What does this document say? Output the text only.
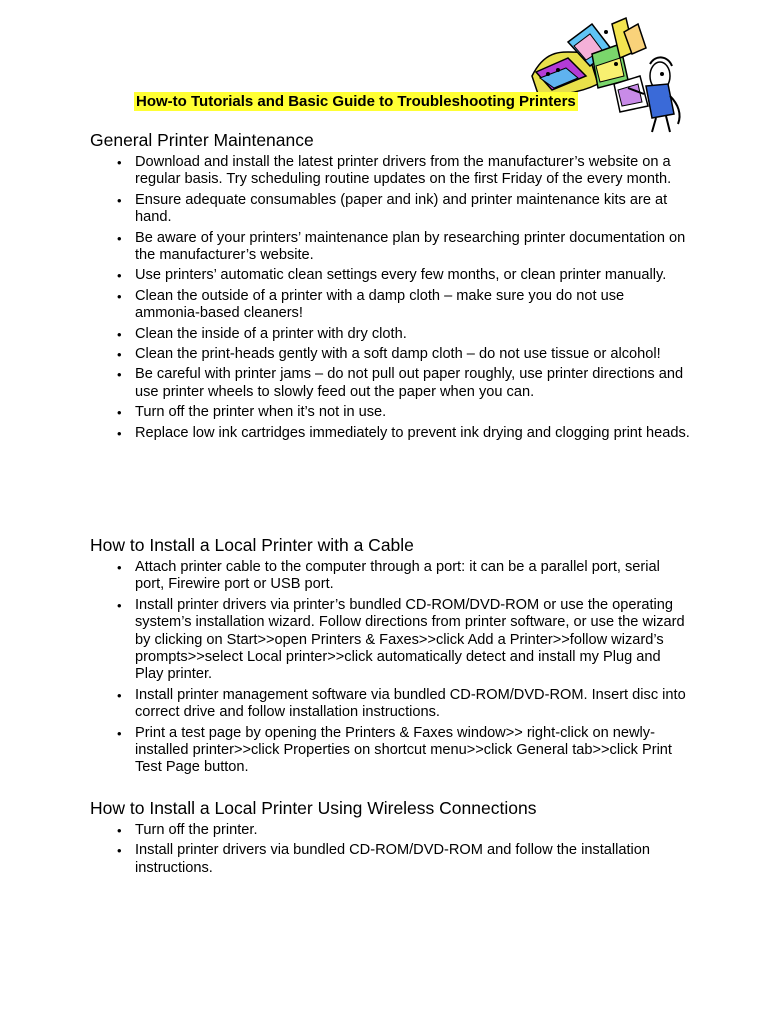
How-to Tutorials and Basic Guide to Troubleshooting Printers
General Printer Maintenance
• Download and install the latest printer drivers from the manufacturer’s website on a regular basis. Try scheduling routine updates on the first Friday of the every month.
• Ensure adequate consumables (paper and ink) and printer maintenance kits are at hand.
• Be aware of your printers’ maintenance plan by researching printer documentation on the manufacturer’s website.
• Use printers’ automatic clean settings every few months, or clean printer manually.
• Clean the outside of a printer with a damp cloth – make sure you do not use ammonia-based cleaners!
• Clean the inside of a printer with dry cloth.
• Clean the print-heads gently with a soft damp cloth – do not use tissue or alcohol!
• Be careful with printer jams – do not pull out paper roughly, use printer directions and use printer wheels to slowly feed out the paper when you can.
• Turn off the printer when it’s not in use.
• Replace low ink cartridges immediately to prevent ink drying and clogging print heads.
How to Install a Local Printer with a Cable
• Attach printer cable to the computer through a port: it can be a parallel port, serial port, Firewire port or USB port.
• Install printer drivers via printer’s bundled CD-ROM/DVD-ROM or use the operating system’s installation wizard. Follow directions from printer software, or use the wizard by clicking on Start>>open Printers & Faxes>>click Add a Printer>>follow wizard’s prompts>>select Local printer>>click automatically detect and install my Plug and Play printer.
• Install printer management software via bundled CD-ROM/DVD-ROM. Insert disc into correct drive and follow installation instructions.
• Print a test page by opening the Printers & Faxes window>> right-click on newly-installed printer>>click Properties on shortcut menu>>click General tab>>click Print Test Page button.
How to Install a Local Printer Using Wireless Connections
• Turn off the printer.
• Install printer drivers via bundled CD-ROM/DVD-ROM and follow the installation instructions.
